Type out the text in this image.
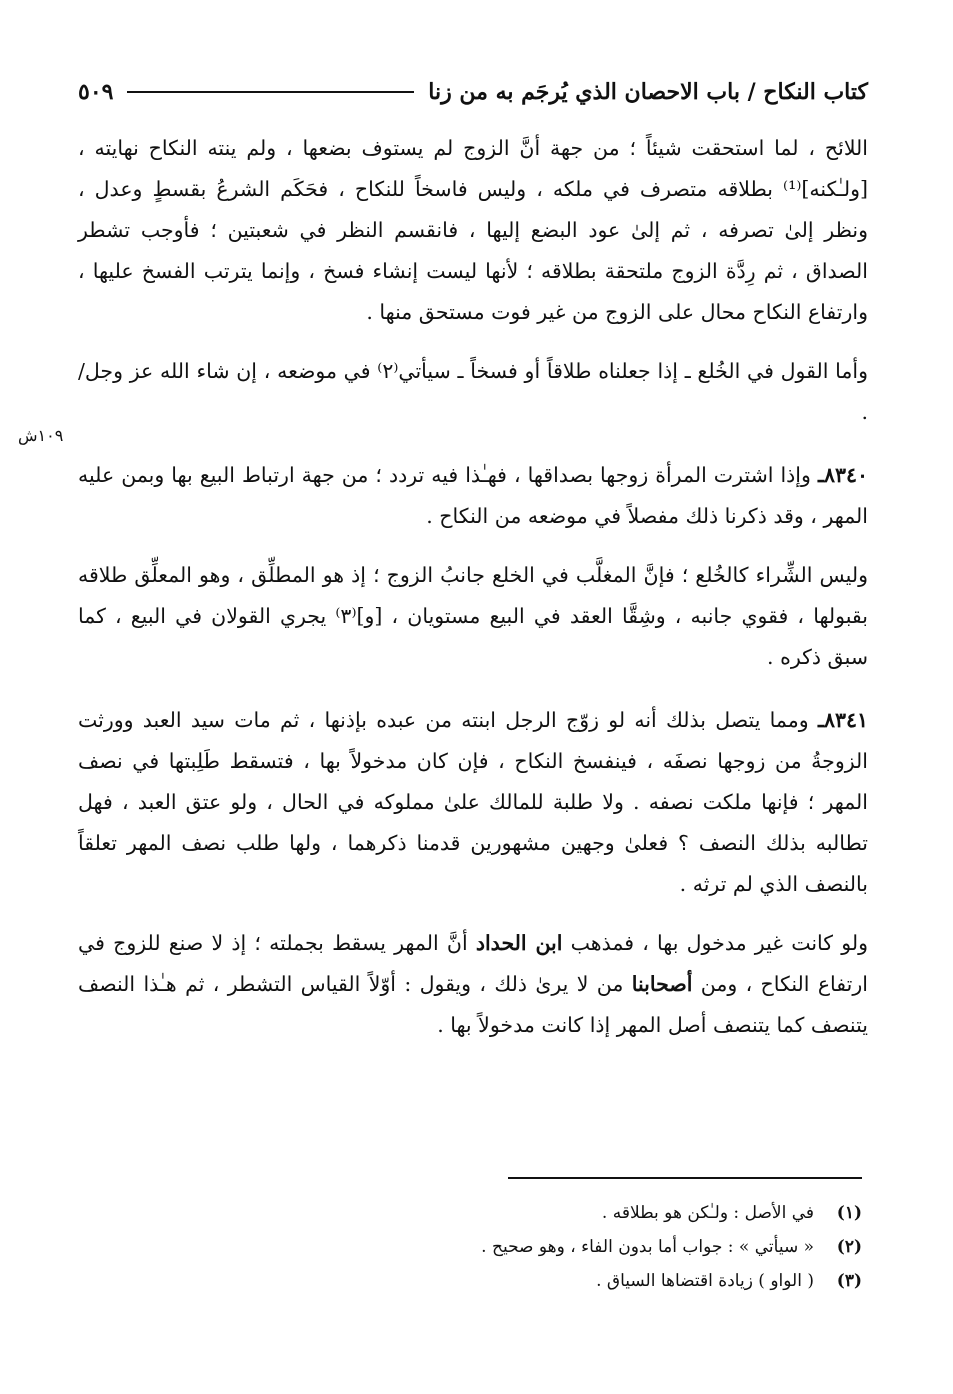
كتاب النكاح / باب الاحصان الذي يُرجَم به من زنا
٥٠٩

اللائح ، لما استحقت شيئاً ؛ من جهة أنَّ الزوج لم يستوف بضعها ، ولم ينته النكاح نهايته ، [ولـٰكنه]⁽¹⁾ بطلاقه متصرف في ملكه ، وليس فاسخاً للنكاح ، فحَكَم الشرعُ بقسطٍ وعدل ، ونظر إلىٰ تصرفه ، ثم إلىٰ عود البضع إليها ، فانقسم النظر في شعبتين ؛ فأوجب تشطر الصداق ، ثم رِدَّة الزوج ملتحقة بطلاقه ؛ لأنها ليست إنشاء فسخ ، وإنما يترتب الفسخ عليها ، وارتفاع النكاح محال على الزوج من غير فوت مستحق منها .

وأما القول في الخُلع ـ إذا جعلناه طلاقاً أو فسخاً ـ سيأتي⁽٢⁾ في موضعه ، إن شاء الله عز وجل/ .

٨٣٤٠ـ وإذا اشترت المرأة زوجها بصداقها ، فهـٰذا فيه تردد ؛ من جهة ارتباط البيع بها وبمن عليه المهر ، وقد ذكرنا ذلك مفصلاً في موضعه من النكاح .

وليس الشِّراء كالخُلع ؛ فإنَّ المغلَّب في الخلع جانبُ الزوج ؛ إذ هو المطلِّق ، وهو المعلِّق طلاقه بقبولها ، فقوي جانبه ، وشِقَّا العقد في البيع مستويان ، [و]⁽٣⁾ يجري القولان في البيع ، كما سبق ذكره .

٨٣٤١ـ ومما يتصل بذلك أنه لو زوّج الرجل ابنته من عبده بإذنها ، ثم مات سيد العبد وورثت الزوجةُ من زوجها نصفَه ، فينفسخ النكاح ، فإن كان مدخولاً بها ، فتسقط طَلِبتها في نصف المهر ؛ فإنها ملكت نصفه . ولا طلبة للمالك علىٰ مملوكه في الحال ، ولو عتق العبد ، فهل تطالبه بذلك النصف ؟ فعلىٰ وجهين مشهورين قدمنا ذكرهما ، ولها طلب نصف المهر تعلقاً بالنصف الذي لم ترثه .

ولو كانت غير مدخول بها ، فمذهب ابن الحداد أنَّ المهر يسقط بجملته ؛ إذ لا صنع للزوج في ارتفاع النكاح ، ومن أصحابنا من لا يرىٰ ذلك ، ويقول : أوّلاً القياس التشطر ، ثم هـٰذا النصف يتنصف كما يتنصف أصل المهر إذا كانت مدخولاً بها .

١٠٩ش
(١)
في الأصل : ولـٰكن هو بطلاقه .
(٢)
« سيأتي » : جواب أما بدون الفاء ، وهو صحيح .
(٣)
( الواو ) زيادة اقتضاها السياق .
